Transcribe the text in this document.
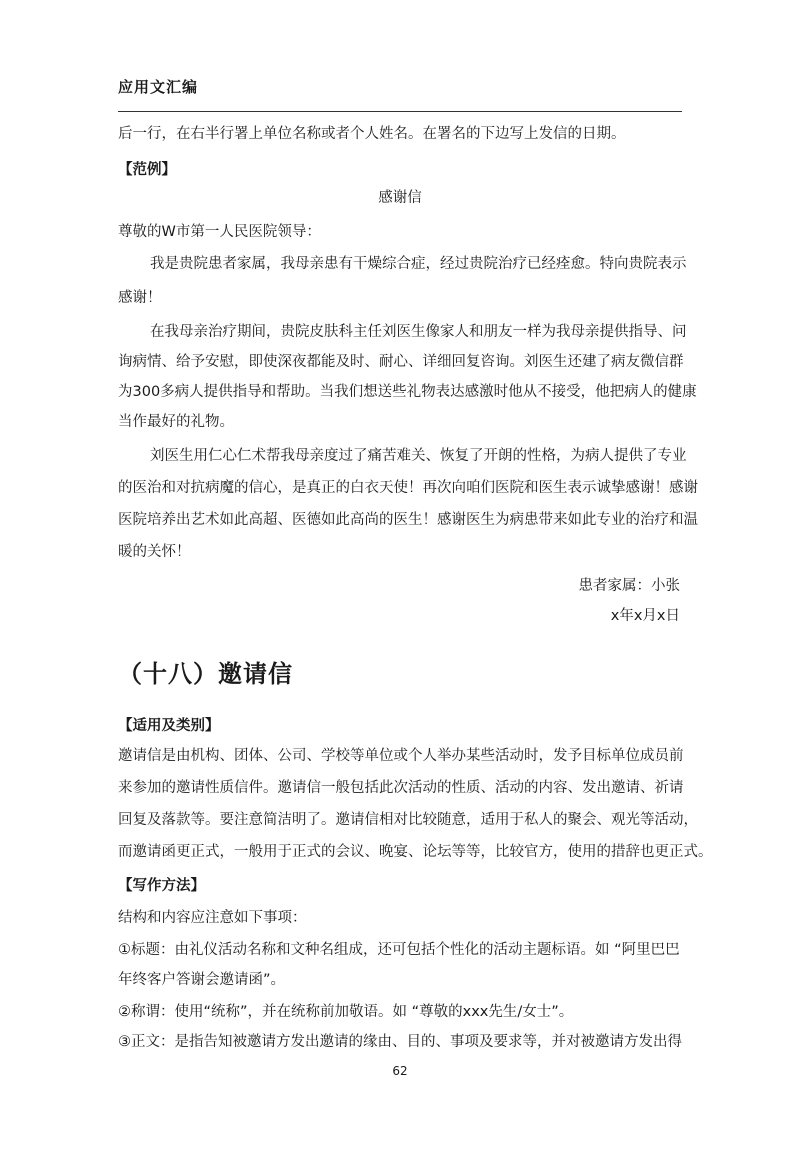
应用文汇编
后一行，在右半行署上单位名称或者个人姓名。在署名的下边写上发信的日期。
【范例】
感谢信
尊敬的W市第一人民医院领导：
我是贵院患者家属，我母亲患有干燥综合症，经过贵院治疗已经痊愈。特向贵院表示
感谢！
在我母亲治疗期间，贵院皮肤科主任刘医生像家人和朋友一样为我母亲提供指导、问
询病情、给予安慰，即使深夜都能及时、耐心、详细回复咨询。刘医生还建了病友微信群
为300多病人提供指导和帮助。当我们想送些礼物表达感激时他从不接受，他把病人的健康
当作最好的礼物。
刘医生用仁心仁术帮我母亲度过了痛苦难关、恢复了开朗的性格，为病人提供了专业
的医治和对抗病魔的信心，是真正的白衣天使！再次向咱们医院和医生表示诚挚感谢！感谢
医院培养出艺术如此高超、医德如此高尚的医生！感谢医生为病患带来如此专业的治疗和温
暖的关怀！
患者家属：小张
x年x月x日
（十八）邀请信
【适用及类别】
邀请信是由机构、团体、公司、学校等单位或个人举办某些活动时，发予目标单位成员前
来参加的邀请性质信件。邀请信一般包括此次活动的性质、活动的内容、发出邀请、祈请
回复及落款等。要注意简洁明了。邀请信相对比较随意，适用于私人的聚会、观光等活动，
而邀请函更正式，一般用于正式的会议、晚宴、论坛等等，比较官方，使用的措辞也更正式。
【写作方法】
结构和内容应注意如下事项：
①标题：由礼仪活动名称和文种名组成，还可包括个性化的活动主题标语。如 “阿里巴巴
年终客户答谢会邀请函”。
②称谓：使用“统称”，并在统称前加敬语。如 “尊敬的xxx先生/女士”。
③正文：是指告知被邀请方发出邀请的缘由、目的、事项及要求等，并对被邀请方发出得
62
